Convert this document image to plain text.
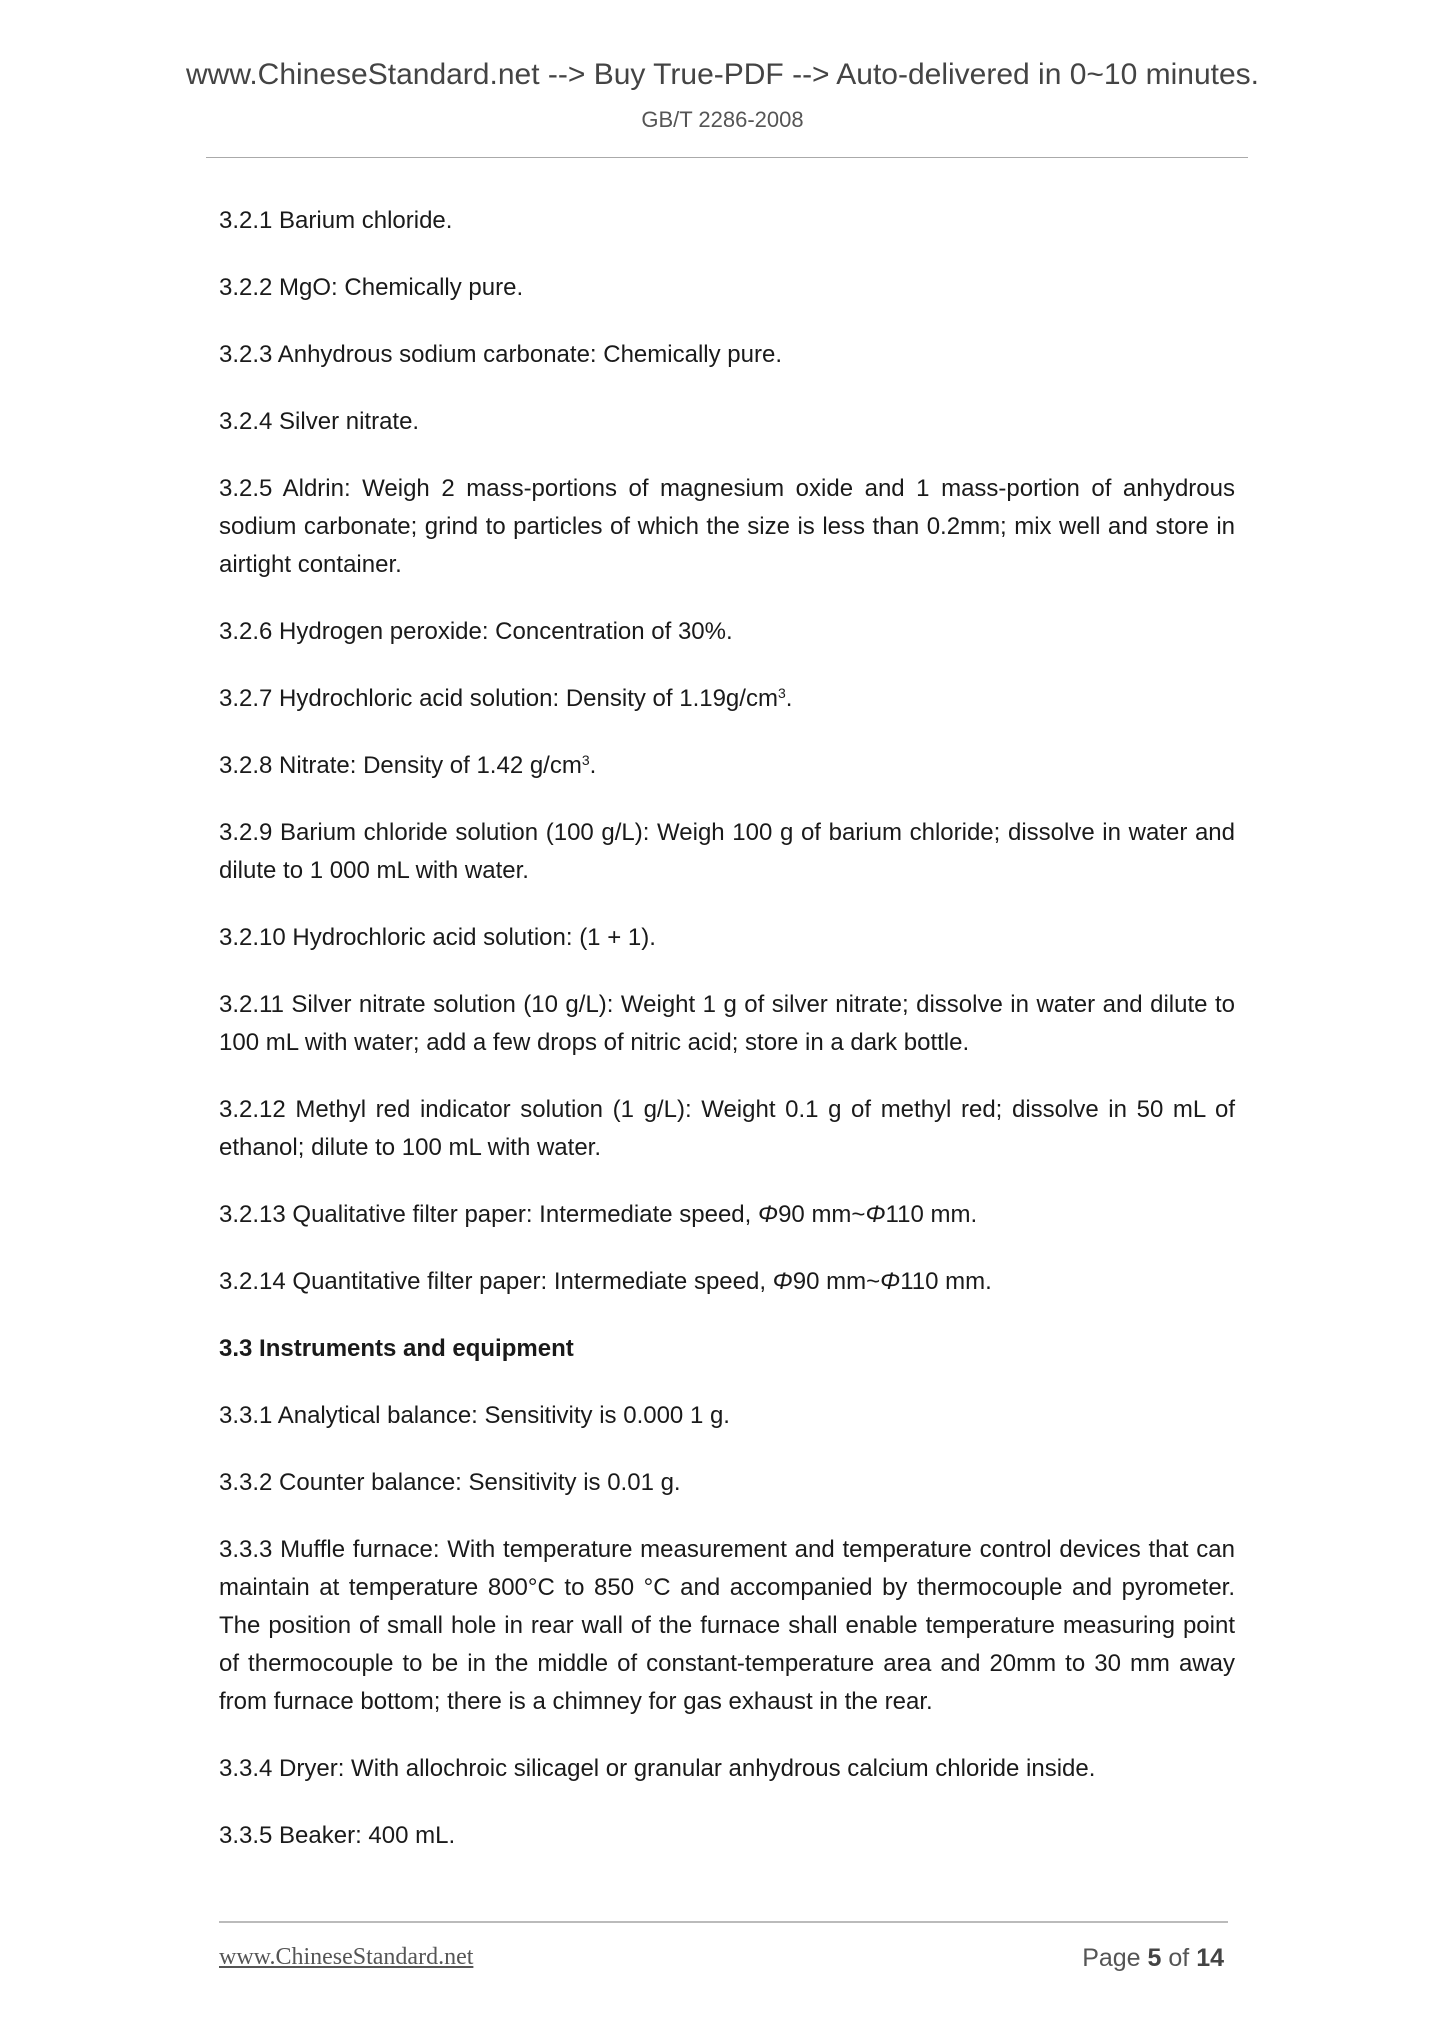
www.ChineseStandard.net --> Buy True-PDF --> Auto-delivered in 0~10 minutes.
GB/T 2286-2008

3.2.1 Barium chloride.

3.2.2 MgO: Chemically pure.

3.2.3 Anhydrous sodium carbonate: Chemically pure.

3.2.4 Silver nitrate.

3.2.5 Aldrin: Weigh 2 mass-portions of magnesium oxide and 1 mass-portion of anhydrous sodium carbonate; grind to particles of which the size is less than 0.2mm; mix well and store in airtight container.

3.2.6 Hydrogen peroxide: Concentration of 30%.

3.2.7 Hydrochloric acid solution: Density of $1.19g/cm^3$.

3.2.8 Nitrate: Density of 1.42 $g/cm^3$.

3.2.9 Barium chloride solution (100 g/L): Weigh 100 g of barium chloride; dissolve in water and dilute to 1 000 mL with water.

3.2.10 Hydrochloric acid solution: (1 + 1).

3.2.11 Silver nitrate solution (10 g/L): Weight 1 g of silver nitrate; dissolve in water and dilute to 100 mL with water; add a few drops of nitric acid; store in a dark bottle.

3.2.12 Methyl red indicator solution (1 g/L): Weight 0.1 g of methyl red; dissolve in 50 mL of ethanol; dilute to 100 mL with water.

3.2.13 Qualitative filter paper: Intermediate speed, Φ90 mm~Φ110 mm.

3.2.14 Quantitative filter paper: Intermediate speed, Φ90 mm~Φ110 mm.

3.3 Instruments and equipment

3.3.1 Analytical balance: Sensitivity is 0.000 1 g.

3.3.2 Counter balance: Sensitivity is 0.01 g.

3.3.3 Muffle furnace: With temperature measurement and temperature control devices that can maintain at temperature 800°C to 850 °C and accompanied by thermocouple and pyrometer. The position of small hole in rear wall of the furnace shall enable temperature measuring point of thermocouple to be in the middle of constant-temperature area and 20mm to 30 mm away from furnace bottom; there is a chimney for gas exhaust in the rear.

3.3.4 Dryer: With allochroic silicagel or granular anhydrous calcium chloride inside.

3.3.5 Beaker: 400 mL.

www.ChineseStandard.net	Page 5 of 14
